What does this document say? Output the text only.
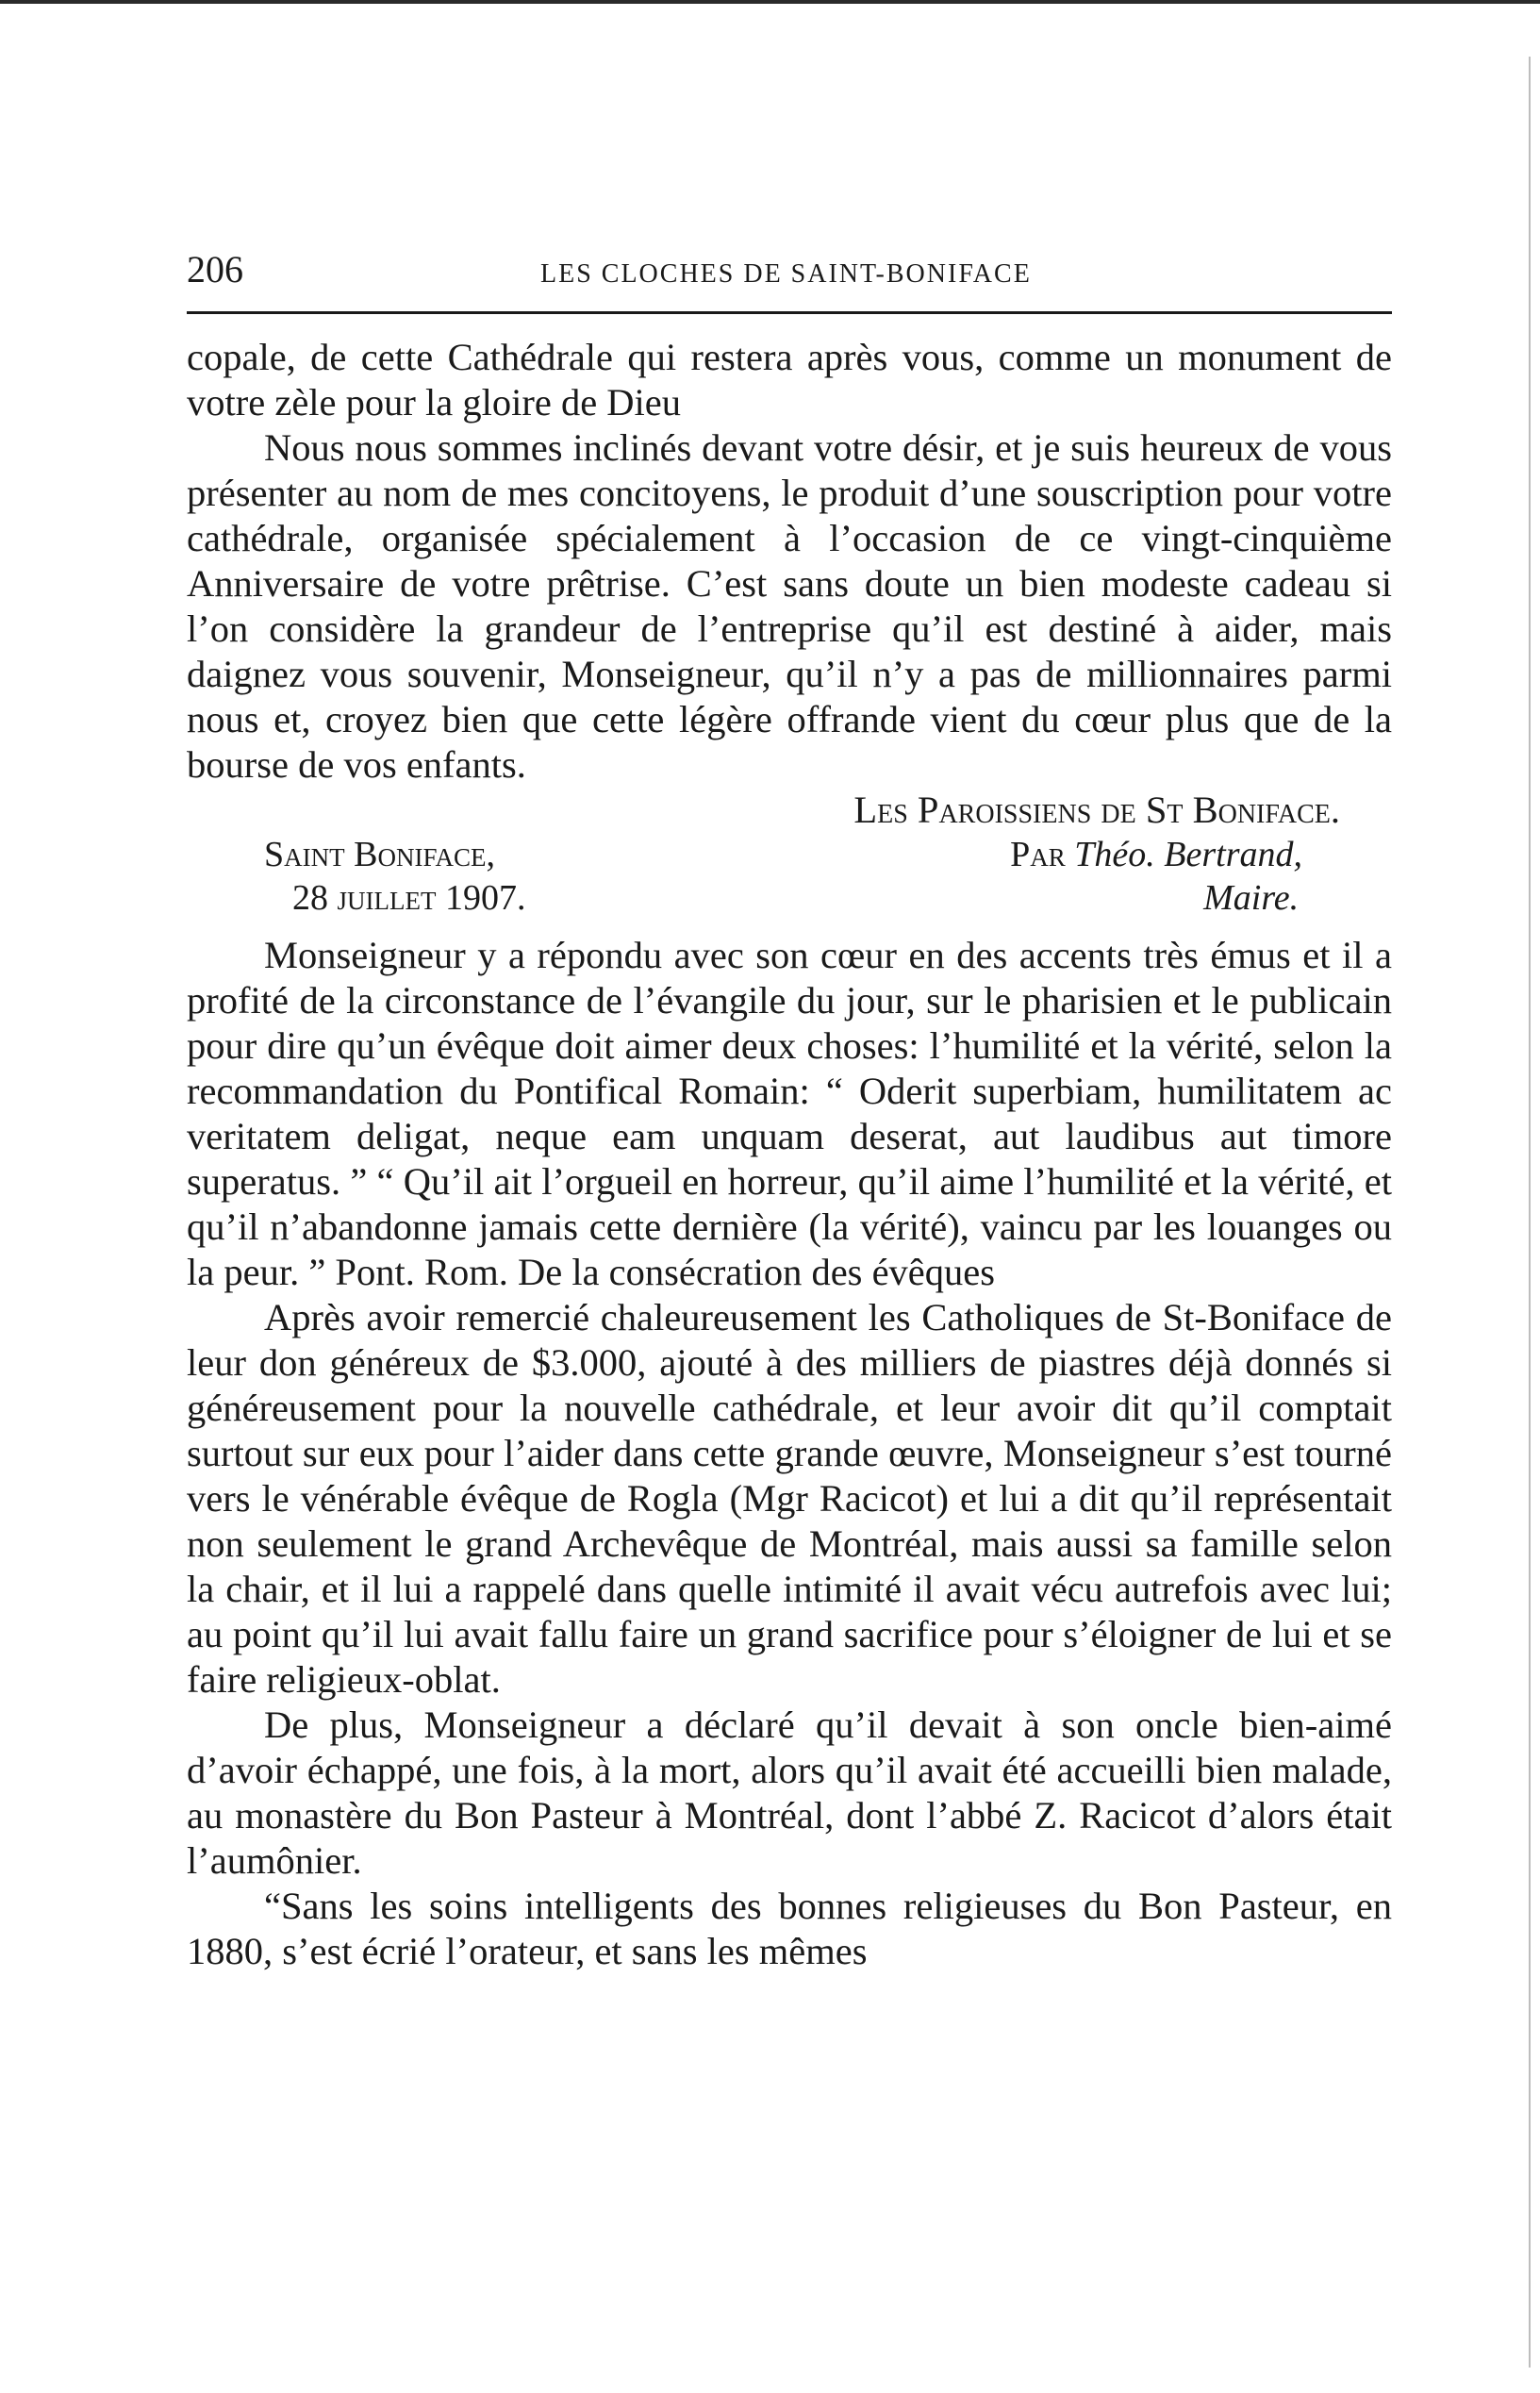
206	LES CLOCHES DE SAINT-BONIFACE

copale, de cette Cathédrale qui restera après vous, comme un monument de votre zèle pour la gloire de Dieu

Nous nous sommes inclinés devant votre désir, et je suis heureux de vous présenter au nom de mes concitoyens, le produit d’une souscription pour votre cathédrale, organisée spécialement à l’occasion de ce vingt-cinquième Anniversaire de votre prêtrise. C’est sans doute un bien modeste cadeau si l’on considère la grandeur de l’entreprise qu’il est destiné à aider, mais daignez vous souvenir, Monseigneur, qu’il n’y a pas de millionnaires parmi nous et, croyez bien que cette légère offrande vient du cœur plus que de la bourse de vos enfants.

Les Paroissiens de St Boniface.

Saint Boniface,
28 juillet 1907.
Par Théo. Bertrand,
Maire.

Monseigneur y a répondu avec son cœur en des accents très émus et il a profité de la circonstance de l’évangile du jour, sur le pharisien et le publicain pour dire qu’un évêque doit aimer deux choses: l’humilité et la vérité, selon la recommandation du Pontifical Romain: “ Oderit superbiam, humilitatem ac veritatem deligat, neque eam unquam deserat, aut laudibus aut timore superatus. ” “ Qu’il ait l’orgueil en horreur, qu’il aime l’humilité et la vérité, et qu’il n’abandonne jamais cette dernière (la vérité), vaincu par les louanges ou la peur. ” Pont. Rom. De la consécration des évêques

Après avoir remercié chaleureusement les Catholiques de St-Boniface de leur don généreux de $3.000, ajouté à des milliers de piastres déjà donnés si généreusement pour la nouvelle cathédrale, et leur avoir dit qu’il comptait surtout sur eux pour l’aider dans cette grande œuvre, Monseigneur s’est tourné vers le vénérable évêque de Rogla (Mgr Racicot) et lui a dit qu’il représentait non seulement le grand Archevêque de Montréal, mais aussi sa famille selon la chair, et il lui a rappelé dans quelle intimité il avait vécu autrefois avec lui; au point qu’il lui avait fallu faire un grand sacrifice pour s’éloigner de lui et se faire religieux-oblat.

De plus, Monseigneur a déclaré qu’il devait à son oncle bien-aimé d’avoir échappé, une fois, à la mort, alors qu’il avait été accueilli bien malade, au monastère du Bon Pasteur à Montréal, dont l’abbé Z. Racicot d’alors était l’aumônier.

“Sans les soins intelligents des bonnes religieuses du Bon Pasteur, en 1880, s’est écrié l’orateur, et sans les mêmes
